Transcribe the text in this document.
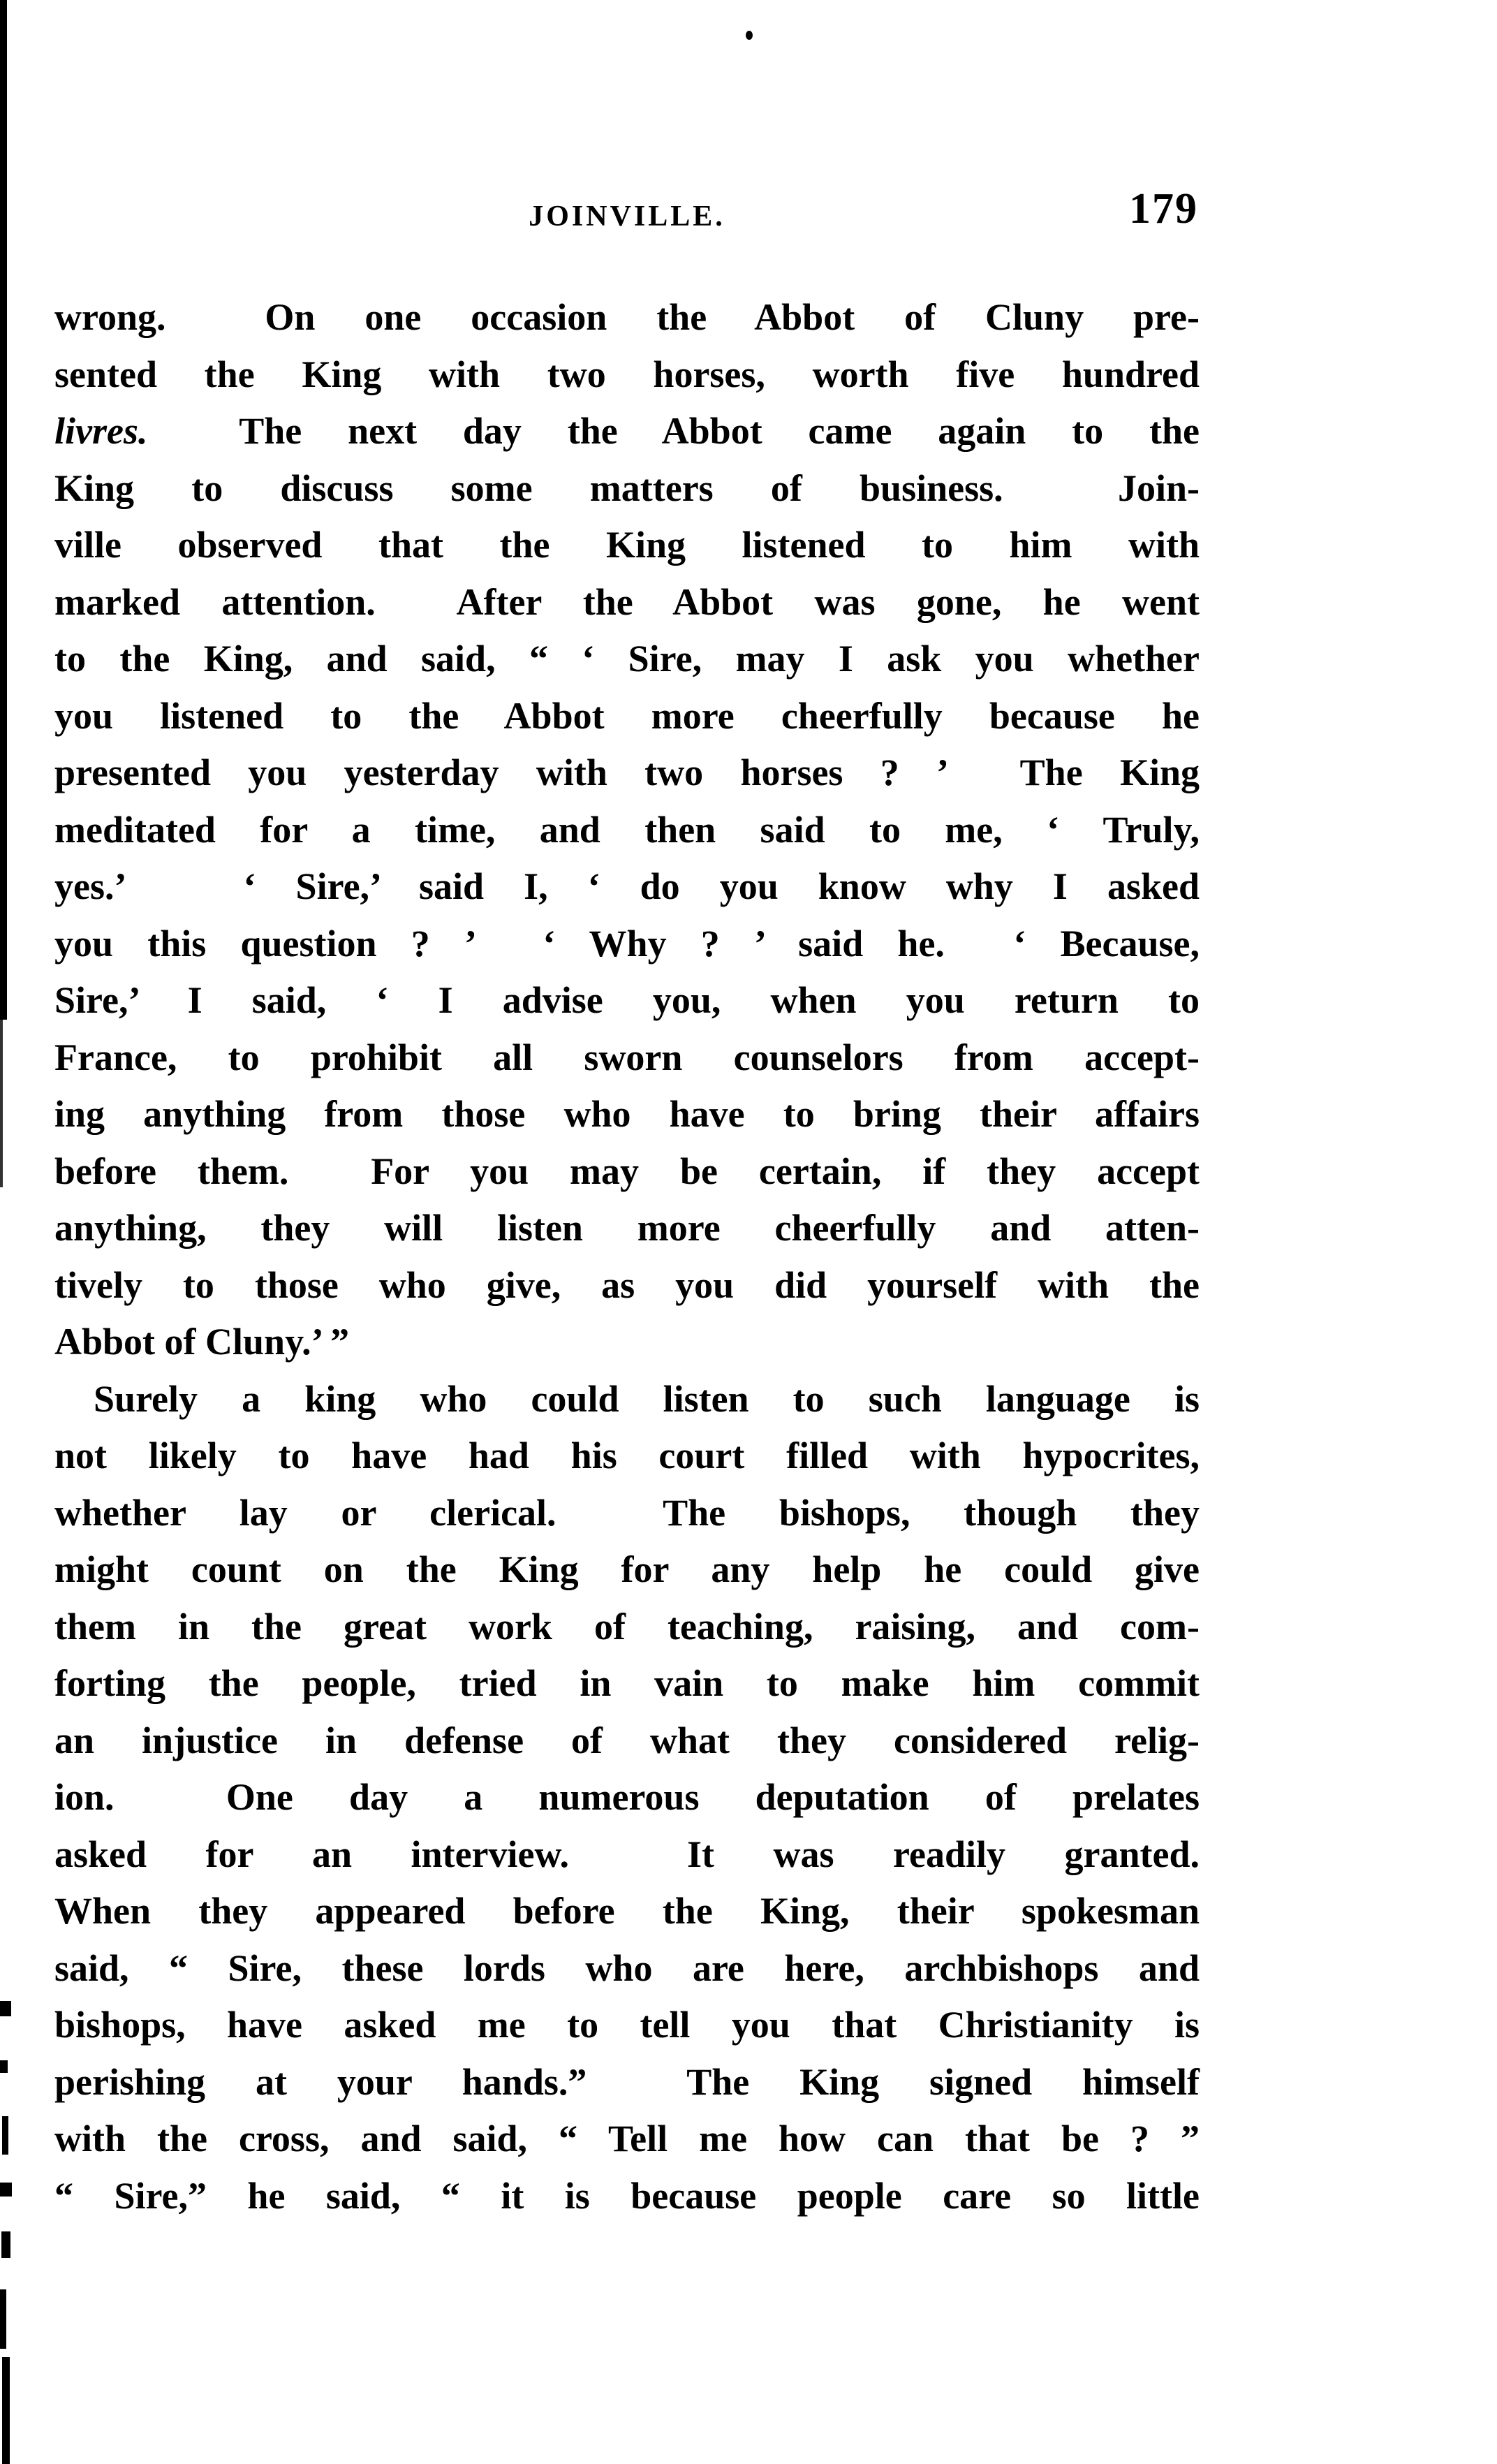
JOINVILLE.	179
wrong.  On one occasion the Abbot of Cluny pre-
sented the King with two horses, worth five hundred
livres.  The next day the Abbot came again to the
King to discuss some matters of business.  Join-
ville observed that the King listened to him with
marked attention.  After the Abbot was gone, he went
to the King, and said, “ ‘ Sire, may I ask you whether
you listened to the Abbot more cheerfully because he
presented you yesterday with two horses ? ’  The King
meditated for a time, and then said to me, ‘ Truly,
yes.’   ‘ Sire,’ said I, ‘ do you know why I asked
you this question ? ’  ‘ Why ? ’ said he.  ‘ Because,
Sire,’ I said, ‘ I advise you, when you return to
France, to prohibit all sworn counselors from accept-
ing anything from those who have to bring their affairs
before them.  For you may be certain, if they accept
anything, they will listen more cheerfully and atten-
tively to those who give, as you did yourself with the
Abbot of Cluny.’ ”
Surely a king who could listen to such language is
not likely to have had his court filled with hypocrites,
whether lay or clerical.  The bishops, though they
might count on the King for any help he could give
them in the great work of teaching, raising, and com-
forting the people, tried in vain to make him commit
an injustice in defense of what they considered relig-
ion.  One day a numerous deputation of prelates
asked for an interview.  It was readily granted.
When they appeared before the King, their spokesman
said, “ Sire, these lords who are here, archbishops and
bishops, have asked me to tell you that Christianity is
perishing at your hands.”  The King signed himself
with the cross, and said, “ Tell me how can that be ? ”
“ Sire,” he said, “ it is because people care so little
